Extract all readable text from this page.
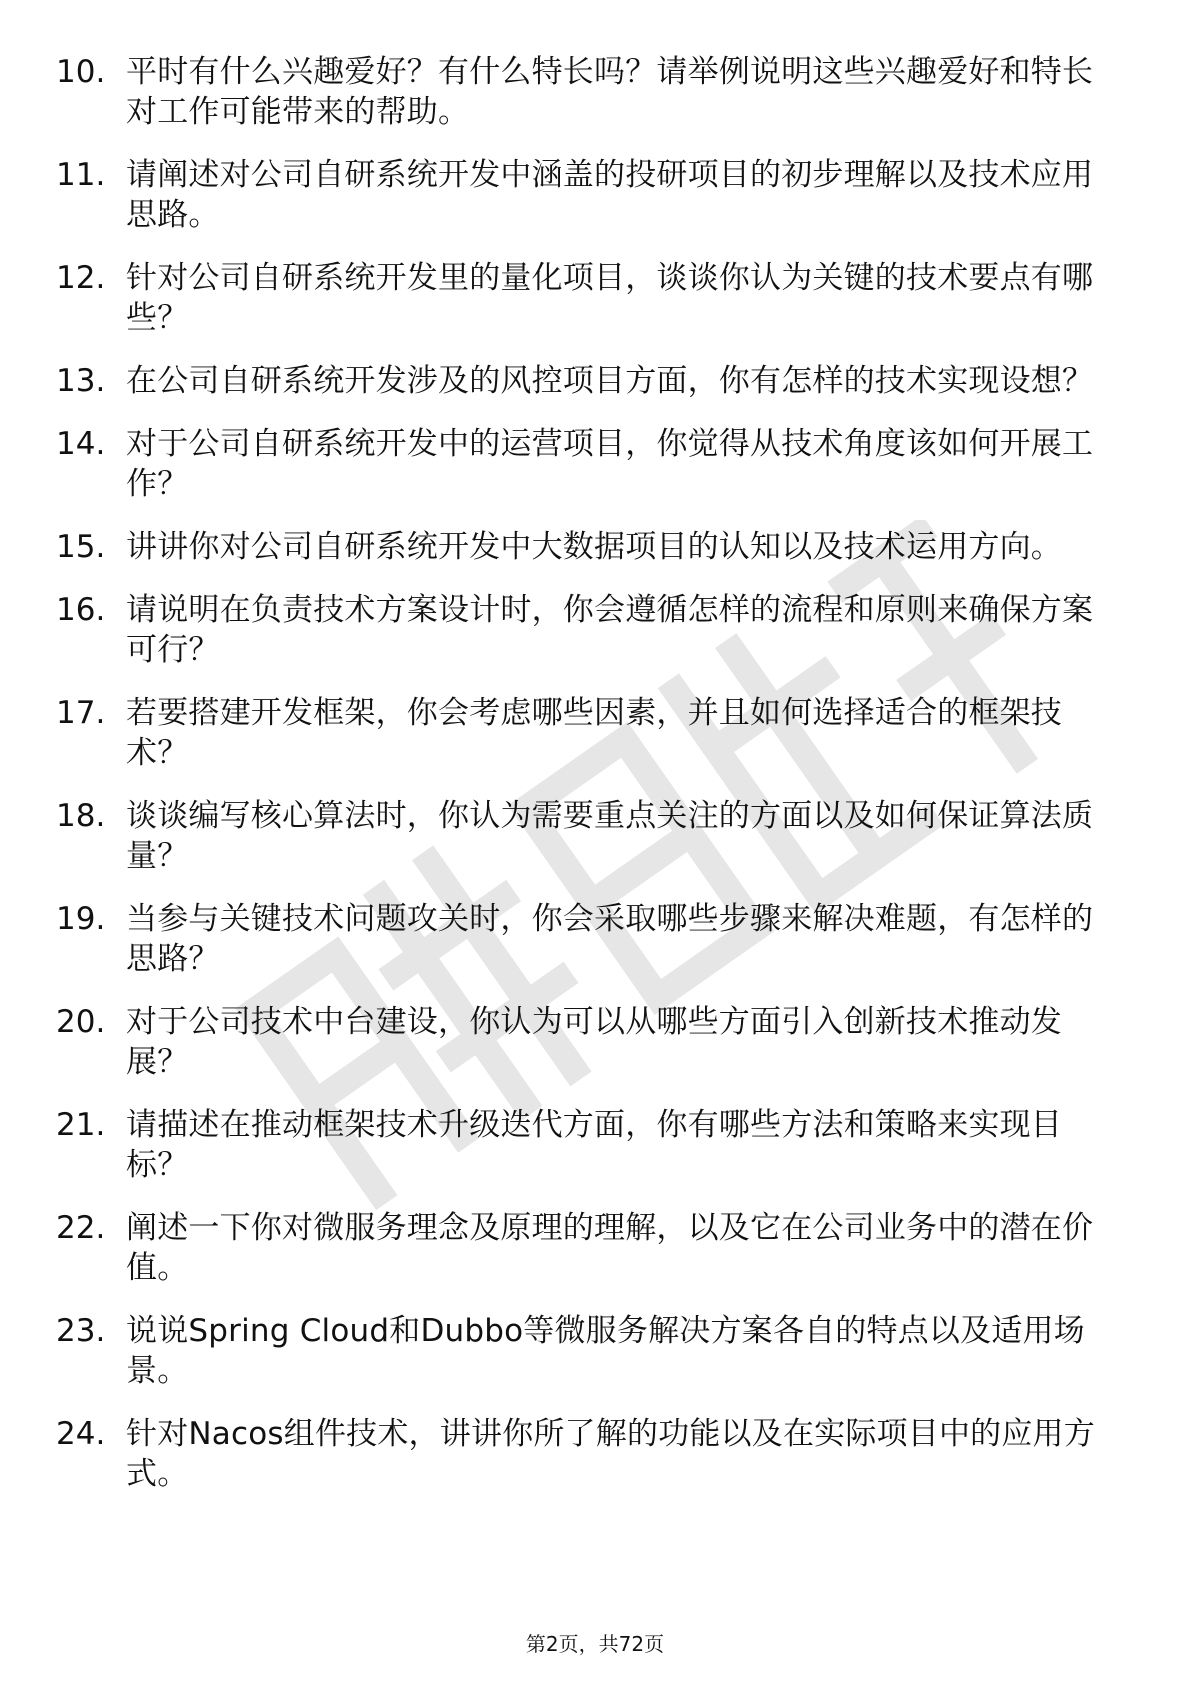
10. 平时有什么兴趣爱好？有什么特长吗？请举例说明这些兴趣爱好和特长对工作可能带来的帮助。
11. 请阐述对公司自研系统开发中涵盖的投研项目的初步理解以及技术应用思路。
12. 针对公司自研系统开发里的量化项目，谈谈你认为关键的技术要点有哪些？
13. 在公司自研系统开发涉及的风控项目方面，你有怎样的技术实现设想？
14. 对于公司自研系统开发中的运营项目，你觉得从技术角度该如何开展工作？
15. 讲讲你对公司自研系统开发中大数据项目的认知以及技术运用方向。
16. 请说明在负责技术方案设计时，你会遵循怎样的流程和原则来确保方案可行？
17. 若要搭建开发框架，你会考虑哪些因素，并且如何选择适合的框架技术？
18. 谈谈编写核心算法时，你认为需要重点关注的方面以及如何保证算法质量？
19. 当参与关键技术问题攻关时，你会采取哪些步骤来解决难题，有怎样的思路？
20. 对于公司技术中台建设，你认为可以从哪些方面引入创新技术推动发展？
21. 请描述在推动框架技术升级迭代方面，你有哪些方法和策略来实现目标？
22. 阐述一下你对微服务理念及原理的理解，以及它在公司业务中的潜在价值。
23. 说说Spring Cloud和Dubbo等微服务解决方案各自的特点以及适用场景。
24. 针对Nacos组件技术，讲讲你所了解的功能以及在实际项目中的应用方式。
第2页，共72页
